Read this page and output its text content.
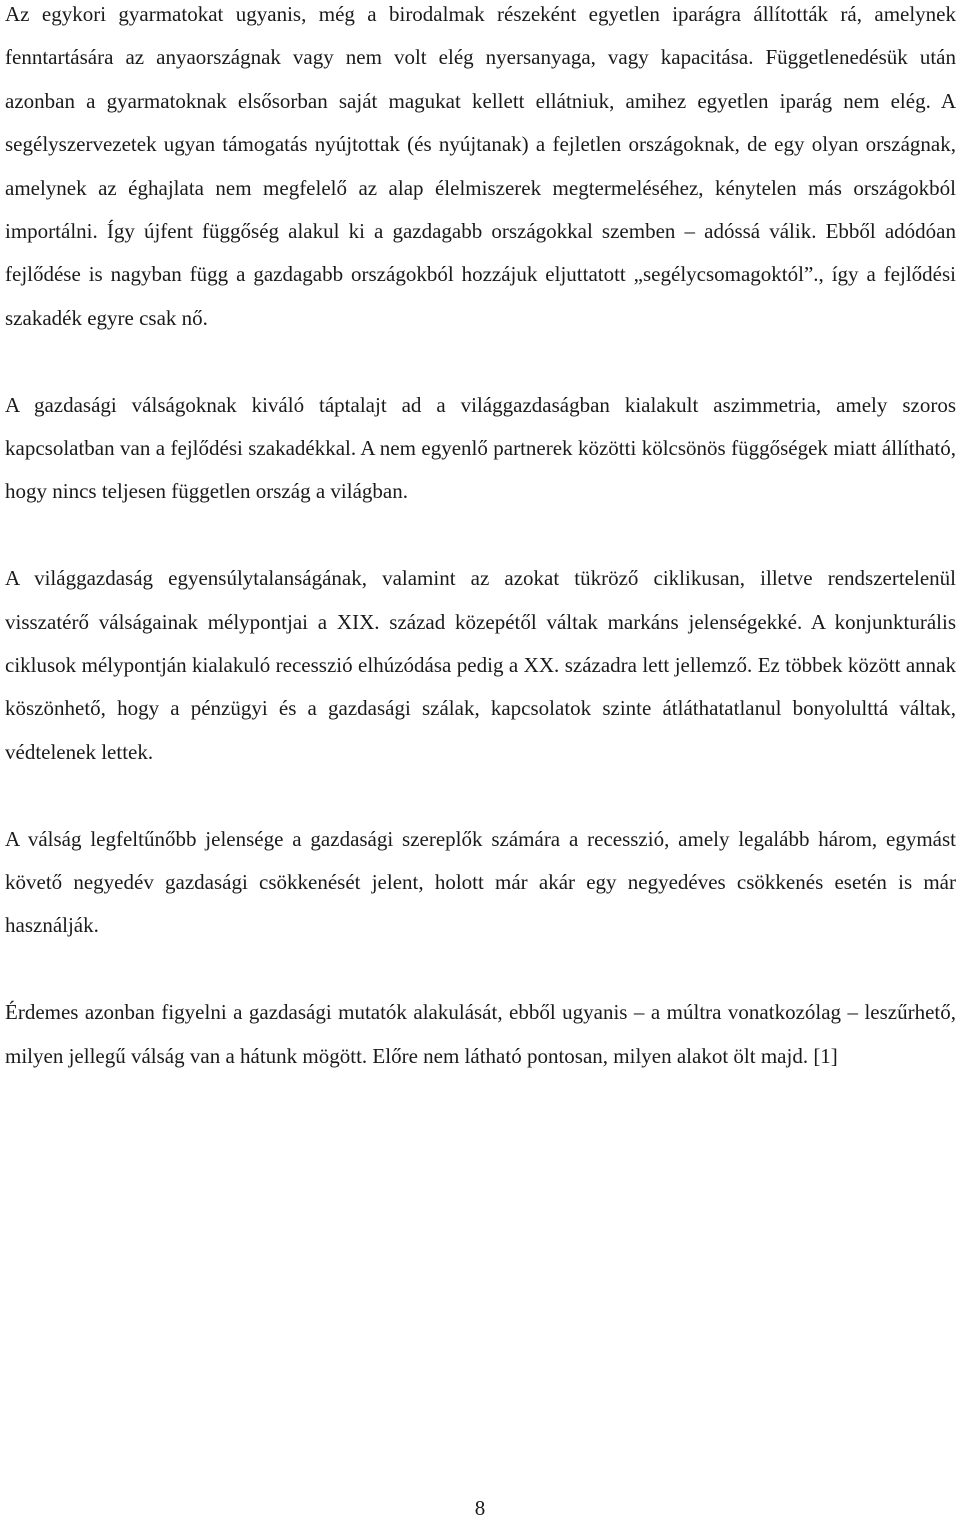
Az egykori gyarmatokat ugyanis, még a birodalmak részeként egyetlen iparágra állították rá, amelynek fenntartására az anyaországnak vagy nem volt elég nyersanyaga, vagy kapacitása. Függetlenedésük után azonban a gyarmatoknak elsősorban saját magukat kellett ellátniuk, amihez egyetlen iparág nem elég. A segélyszervezetek ugyan támogatás nyújtottak (és nyújtanak) a fejletlen országoknak, de egy olyan országnak, amelynek az éghajlata nem megfelelő az alap élelmiszerek megtermeléséhez, kénytelen más országokból importálni. Így újfent függőség alakul ki a gazdagabb országokkal szemben – adóssá válik. Ebből adódóan fejlődése is nagyban függ a gazdagabb országokból hozzájuk eljuttatott „segélycsomagoktól”., így a fejlődési szakadék egyre csak nő.

A gazdasági válságoknak kiváló táptalajt ad a világgazdaságban kialakult aszimmetria, amely szoros kapcsolatban van a fejlődési szakadékkal. A nem egyenlő partnerek közötti kölcsönös függőségek miatt állítható, hogy nincs teljesen független ország a világban.

A világgazdaság egyensúlytalanságának, valamint az azokat tükröző ciklikusan, illetve rendszertelenül visszatérő válságainak mélypontjai a XIX. század közepétől váltak markáns jelenségekké. A konjunkturális ciklusok mélypontján kialakuló recesszió elhúzódása pedig a XX. századra lett jellemző. Ez többek között annak köszönhető, hogy a pénzügyi és a gazdasági szálak, kapcsolatok szinte átláthatatlanul bonyolulttá váltak, védtelenek lettek.

A válság legfeltűnőbb jelensége a gazdasági szereplők számára a recesszió, amely legalább három, egymást követő negyedév gazdasági csökkenését jelent, holott már akár egy negyedéves csökkenés esetén is már használják.

Érdemes azonban figyelni a gazdasági mutatók alakulását, ebből ugyanis – a múltra vonatkozólag – leszűrhető, milyen jellegű válság van a hátunk mögött. Előre nem látható pontosan, milyen alakot ölt majd. [1]

8
